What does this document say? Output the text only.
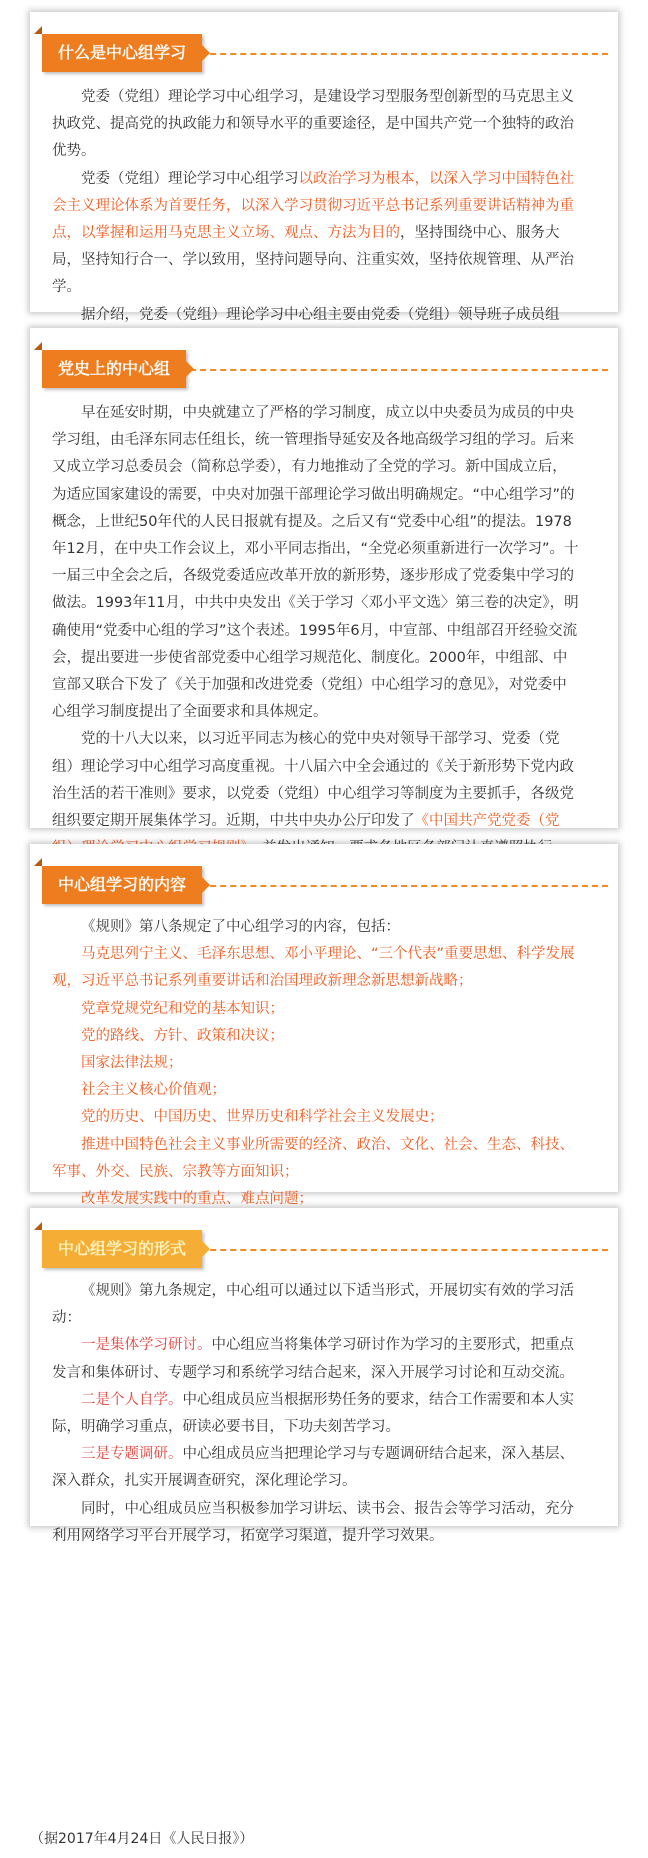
什么是中心组学习

党委（党组）理论学习中心组学习，是建设学习型服务型创新型的马克思主义执政党、提高党的执政能力和领导水平的重要途径，是中国共产党一个独特的政治优势。

党委（党组）理论学习中心组学习以政治学习为根本，以深入学习中国特色社会主义理论体系为首要任务，以深入学习贯彻习近平总书记系列重要讲话精神为重点，以掌握和运用马克思主义立场、观点、方法为目的，坚持围绕中心、服务大局，坚持知行合一、学以致用，坚持问题导向、注重实效，坚持依规管理、从严治学。

据介绍，党委（党组）理论学习中心组主要由党委（党组）领导班子成员组

党史上的中心组

早在延安时期，中央就建立了严格的学习制度，成立以中央委员为成员的中央学习组，由毛泽东同志任组长，统一管理指导延安及各地高级学习组的学习。后来又成立学习总委员会（简称总学委），有力地推动了全党的学习。新中国成立后，为适应国家建设的需要，中央对加强干部理论学习做出明确规定。“中心组学习”的概念，上世纪50年代的人民日报就有提及。之后又有“党委中心组”的提法。1978年12月，在中央工作会议上，邓小平同志指出，“全党必须重新进行一次学习”。十一届三中全会之后，各级党委适应改革开放的新形势，逐步形成了党委集中学习的做法。1993年11月，中共中央发出《关于学习〈邓小平文选〉第三卷的决定》，明确使用“党委中心组的学习”这个表述。1995年6月，中宣部、中组部召开经验交流会，提出要进一步使省部党委中心组学习规范化、制度化。2000年，中组部、中宣部又联合下发了《关于加强和改进党委（党组）中心组学习的意见》，对党委中心组学习制度提出了全面要求和具体规定。

党的十八大以来，以习近平同志为核心的党中央对领导干部学习、党委（党组）理论学习中心组学习高度重视。十八届六中全会通过的《关于新形势下党内政治生活的若干准则》要求，以党委（党组）中心组学习等制度为主要抓手，各级党组织要定期开展集体学习。近期，中共中央办公厅印发了《中国共产党党委（党

中心组学习的内容

《规则》第八条规定了中心组学习的内容，包括：

马克思列宁主义、毛泽东思想、邓小平理论、“三个代表”重要思想、科学发展观，习近平总书记系列重要讲话和治国理政新理念新思想新战略；

党章党规党纪和党的基本知识；

党的路线、方针、政策和决议；

国家法律法规；

社会主义核心价值观；

党的历史、中国历史、世界历史和科学社会主义发展史；

推进中国特色社会主义事业所需要的经济、政治、文化、社会、生态、科技、军事、外交、民族、宗教等方面知识；

改革发展实践中的重点、难点问题；

中心组学习的形式

《规则》第九条规定，中心组可以通过以下适当形式，开展切实有效的学习活动：

一是集体学习研讨。中心组应当将集体学习研讨作为学习的主要形式，把重点发言和集体研讨、专题学习和系统学习结合起来，深入开展学习讨论和互动交流。

二是个人自学。中心组成员应当根据形势任务的要求，结合工作需要和本人实际，明确学习重点，研读必要书目，下功夫刻苦学习。

三是专题调研。中心组成员应当把理论学习与专题调研结合起来，深入基层、深入群众，扎实开展调查研究，深化理论学习。

同时，中心组成员应当积极参加学习讲坛、读书会、报告会等学习活动，充分利用网络学习平台开展学习，拓宽学习渠道，提升学习效果。

（据2017年4月24日《人民日报》）
